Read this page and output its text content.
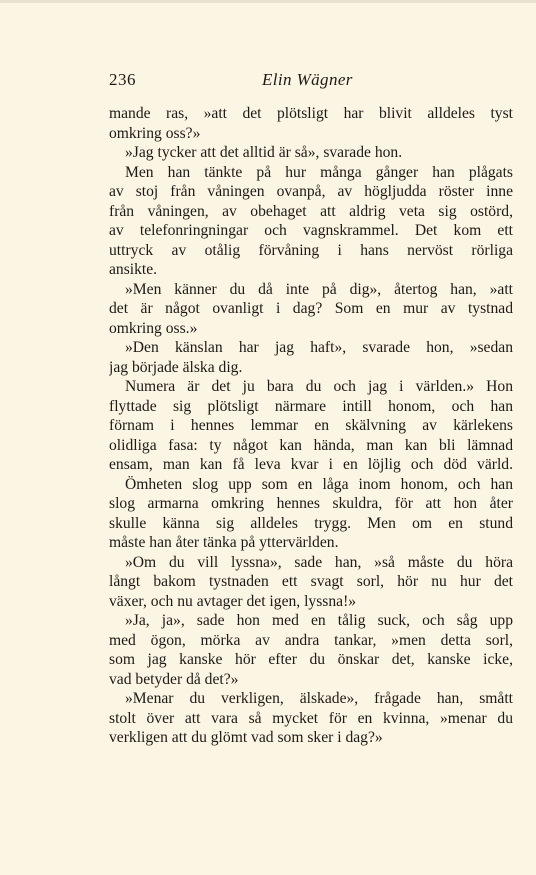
236	Elin Wägner
mande ras, »att det plötsligt har blivit alldeles tyst
omkring oss?»
»Jag tycker att det alltid är så», svarade hon.
Men han tänkte på hur många gånger han plågats
av stoj från våningen ovanpå, av högljudda röster inne
från våningen, av obehaget att aldrig veta sig ostörd,
av telefonringningar och vagnskrammel. Det kom ett
uttryck av otålig förvåning i hans nervöst rörliga
ansikte.
»Men känner du då inte på dig», återtog han, »att
det är något ovanligt i dag? Som en mur av tystnad
omkring oss.»
»Den känslan har jag haft», svarade hon, »sedan
jag började älska dig.
Numera är det ju bara du och jag i världen.» Hon
flyttade sig plötsligt närmare intill honom, och han
förnam i hennes lemmar en skälvning av kärlekens
olidliga fasa: ty något kan hända, man kan bli lämnad
ensam, man kan få leva kvar i en löjlig och död värld.
Ömheten slog upp som en låga inom honom, och han
slog armarna omkring hennes skuldra, för att hon åter
skulle känna sig alldeles trygg. Men om en stund
måste han åter tänka på yttervärlden.
»Om du vill lyssna», sade han, »så måste du höra
långt bakom tystnaden ett svagt sorl, hör nu hur det
växer, och nu avtager det igen, lyssna!»
»Ja, ja», sade hon med en tålig suck, och såg upp
med ögon, mörka av andra tankar, »men detta sorl,
som jag kanske hör efter du önskar det, kanske icke,
vad betyder då det?»
»Menar du verkligen, älskade», frågade han, smått
stolt över att vara så mycket för en kvinna, »menar du
verkligen att du glömt vad som sker i dag?»
